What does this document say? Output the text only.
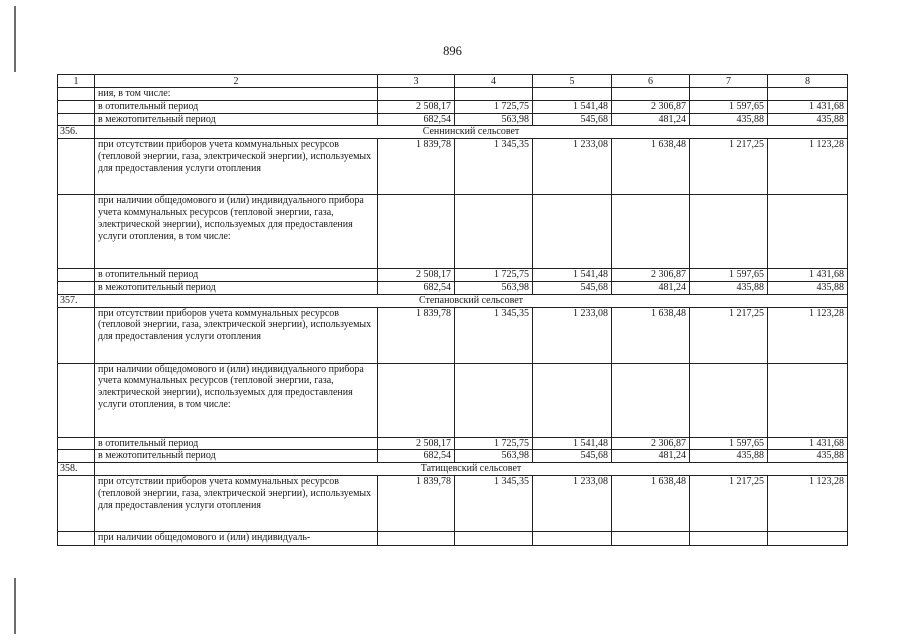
896
1	2	3	4	5	6	7	8
	ния, в том числе:						
	в отопительный период	2 508,17	1 725,75	1 541,48	2 306,87	1 597,65	1 431,68
	в межотопительный период	682,54	563,98	545,68	481,24	435,88	435,88
356.	Сеннинский сельсовет						
	при отсутствии приборов учета коммунальных ресурсов (тепловой энергии, газа, электрической энергии), используемых для предоставления услуги отопления	1 839,78	1 345,35	1 233,08	1 638,48	1 217,25	1 123,28
	при наличии общедомового и (или) индивидуального прибора учета коммунальных ресурсов (тепловой энергии, газа, электрической энергии), используемых для предоставления услуги отопления, в том числе:						
	в отопительный период	2 508,17	1 725,75	1 541,48	2 306,87	1 597,65	1 431,68
	в межотопительный период	682,54	563,98	545,68	481,24	435,88	435,88
357.	Степановский сельсовет						
	при отсутствии приборов учета коммунальных ресурсов (тепловой энергии, газа, электрической энергии), используемых для предоставления услуги отопления	1 839,78	1 345,35	1 233,08	1 638,48	1 217,25	1 123,28
	при наличии общедомового и (или) индивидуального прибора учета коммунальных ресурсов (тепловой энергии, газа, электрической энергии), используемых для предоставления услуги отопления, в том числе:						
	в отопительный период	2 508,17	1 725,75	1 541,48	2 306,87	1 597,65	1 431,68
	в межотопительный период	682,54	563,98	545,68	481,24	435,88	435,88
358.	Татищевский сельсовет						
	при отсутствии приборов учета коммунальных ресурсов (тепловой энергии, газа, электрической энергии), используемых для предоставления услуги отопления	1 839,78	1 345,35	1 233,08	1 638,48	1 217,25	1 123,28
	при наличии общедомового и (или) индивидуаль-						
